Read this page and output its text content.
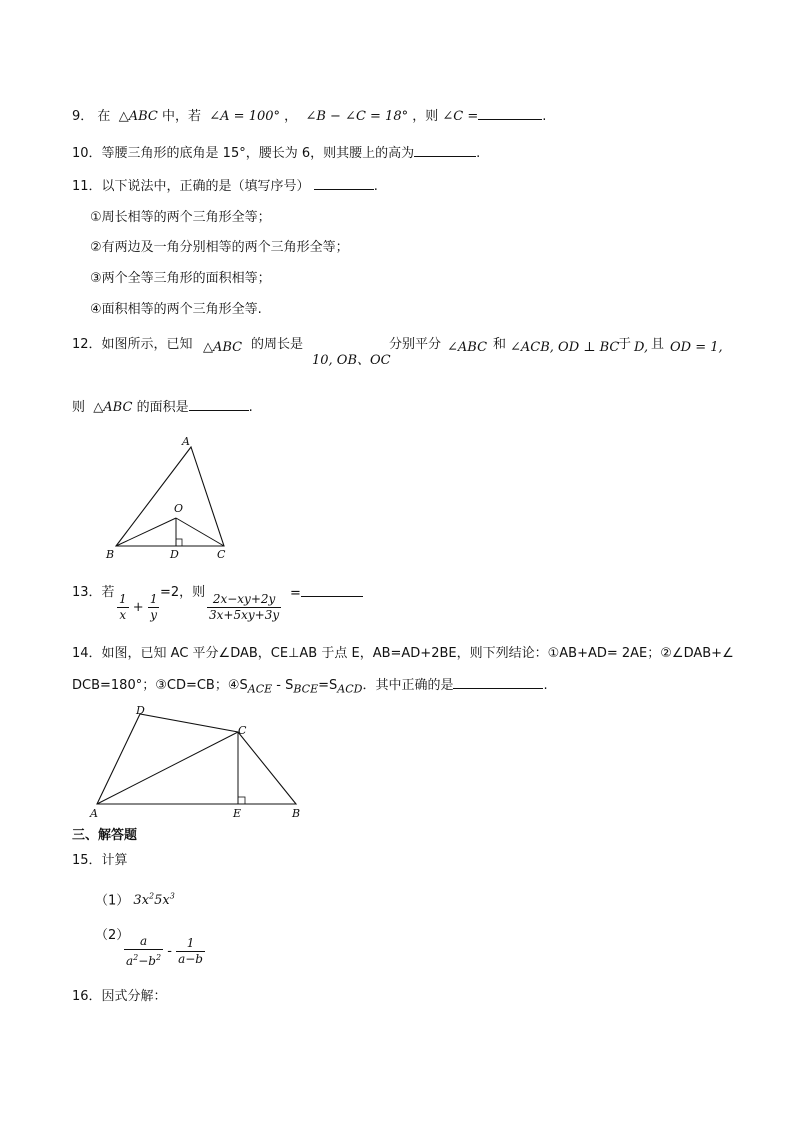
9． 在 △ABC 中，若 ∠A = 100° ， ∠B − ∠C = 18° ，则 ∠C =	.
10．等腰三角形的底角是 15°，腰长为 6，则其腰上的高为	.
11．以下说法中，正确的是（填写序号）	.
①周长相等的两个三角形全等；
②有两边及一角分别相等的两个三角形全等；
③两个全等三角形的面积相等；
④面积相等的两个三角形全等.
12．如图所示，已知 △ABC 的周长是
10, OB、OC
分别平分 ∠ABC 和 ∠ACB, OD ⊥ BC
于 D, 且 OD = 1,
则 △ABC 的面积是	.
A
B	C
D
O
13．若 $\frac{1}{x} + \frac{1}{y} =2$，则 $\frac{2x-xy+2y}{3x+5xy+3y}$ =
14．如图，已知 AC 平分∠DAB，CE⊥AB 于点 E，AB=AD+2BE，则下列结论：①AB+AD= 2AE；②∠DAB+∠
DCB=180°；③CD=CB；$④S_{ACE} - S_{BCE}=S_{ACD}$．其中正确的是	.
A	B
C
D
E
三、解答题
15．计算
（1） $3x^25x^3$
（2）
$\frac{a}{a^2-b^2} - \frac{1}{a-b}$
16．因式分解：
